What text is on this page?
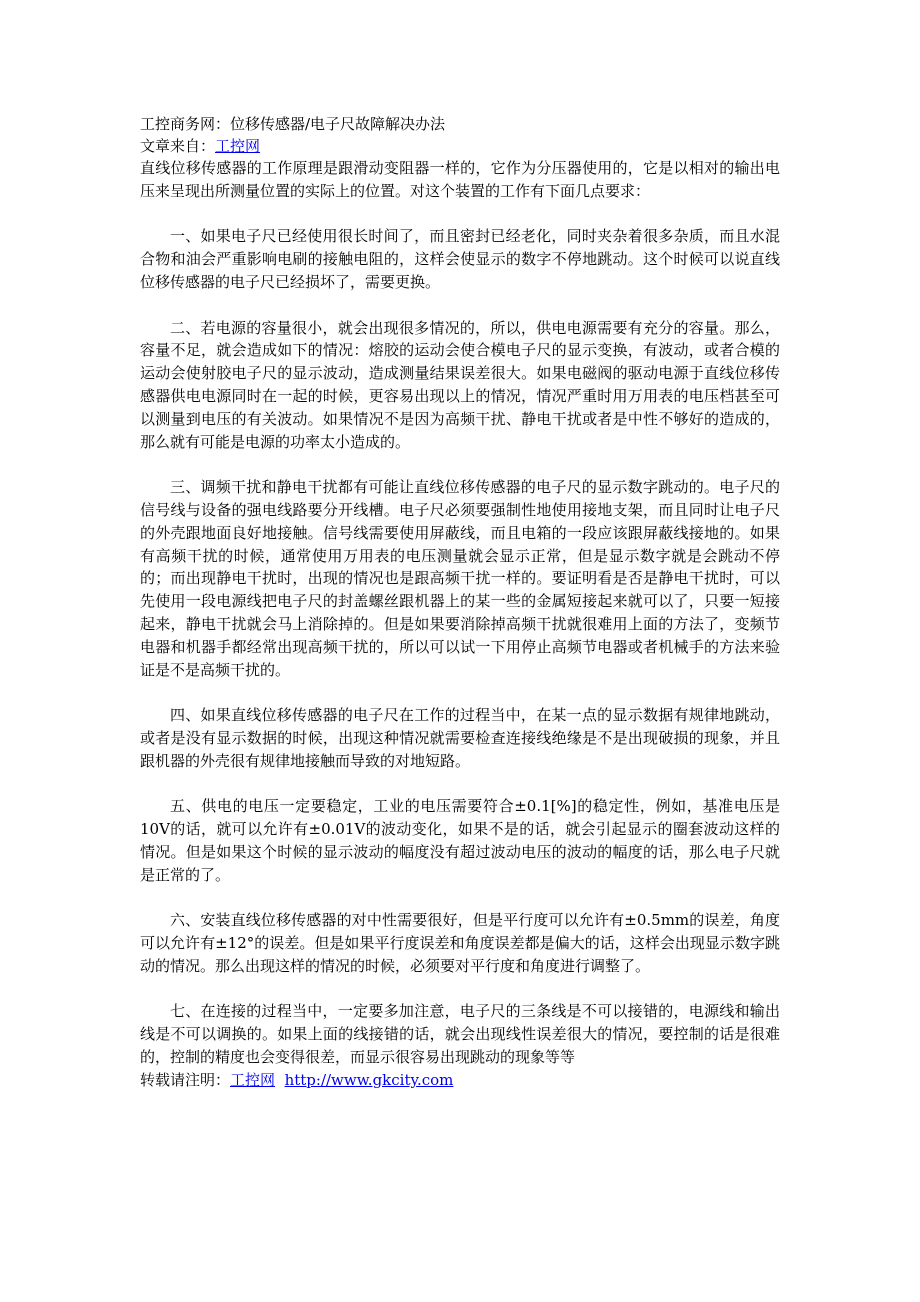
工控商务网：位移传感器/电子尺故障解决办法
文章来自：工控网

直线位移传感器的工作原理是跟滑动变阻器一样的，它作为分压器使用的，它是以相对的输出电压来呈现出所测量位置的实际上的位置。对这个装置的工作有下面几点要求：

一、如果电子尺已经使用很长时间了，而且密封已经老化，同时夹杂着很多杂质，而且水混合物和油会严重影响电刷的接触电阻的，这样会使显示的数字不停地跳动。这个时候可以说直线位移传感器的电子尺已经损坏了，需要更换。

二、若电源的容量很小，就会出现很多情况的，所以，供电电源需要有充分的容量。那么，容量不足，就会造成如下的情况：熔胶的运动会使合模电子尺的显示变换，有波动，或者合模的运动会使射胶电子尺的显示波动，造成测量结果误差很大。如果电磁阀的驱动电源于直线位移传感器供电电源同时在一起的时候，更容易出现以上的情况，情况严重时用万用表的电压档甚至可以测量到电压的有关波动。如果情况不是因为高频干扰、静电干扰或者是中性不够好的造成的，那么就有可能是电源的功率太小造成的。

三、调频干扰和静电干扰都有可能让直线位移传感器的电子尺的显示数字跳动的。电子尺的信号线与设备的强电线路要分开线槽。电子尺必须要强制性地使用接地支架，而且同时让电子尺的外壳跟地面良好地接触。信号线需要使用屏蔽线，而且电箱的一段应该跟屏蔽线接地的。如果有高频干扰的时候，通常使用万用表的电压测量就会显示正常，但是显示数字就是会跳动不停的；而出现静电干扰时，出现的情况也是跟高频干扰一样的。要证明看是否是静电干扰时，可以先使用一段电源线把电子尺的封盖螺丝跟机器上的某一些的金属短接起来就可以了，只要一短接起来，静电干扰就会马上消除掉的。但是如果要消除掉高频干扰就很难用上面的方法了，变频节电器和机器手都经常出现高频干扰的，所以可以试一下用停止高频节电器或者机械手的方法来验证是不是高频干扰的。

四、如果直线位移传感器的电子尺在工作的过程当中，在某一点的显示数据有规律地跳动，或者是没有显示数据的时候，出现这种情况就需要检查连接线绝缘是不是出现破损的现象，并且跟机器的外壳很有规律地接触而导致的对地短路。

五、供电的电压一定要稳定，工业的电压需要符合±0.1[%]的稳定性，例如，基准电压是10V的话，就可以允许有±0.01V的波动变化，如果不是的话，就会引起显示的圈套波动这样的情况。但是如果这个时候的显示波动的幅度没有超过波动电压的波动的幅度的话，那么电子尺就是正常的了。

六、安装直线位移传感器的对中性需要很好，但是平行度可以允许有±0.5mm的误差，角度可以允许有±12°的误差。但是如果平行度误差和角度误差都是偏大的话，这样会出现显示数字跳动的情况。那么出现这样的情况的时候，必须要对平行度和角度进行调整了。

七、在连接的过程当中，一定要多加注意，电子尺的三条线是不可以接错的，电源线和输出线是不可以调换的。如果上面的线接错的话，就会出现线性误差很大的情况，要控制的话是很难的，控制的精度也会变得很差，而显示很容易出现跳动的现象等等

转载请注明：工控网 http://www.gkcity.com
